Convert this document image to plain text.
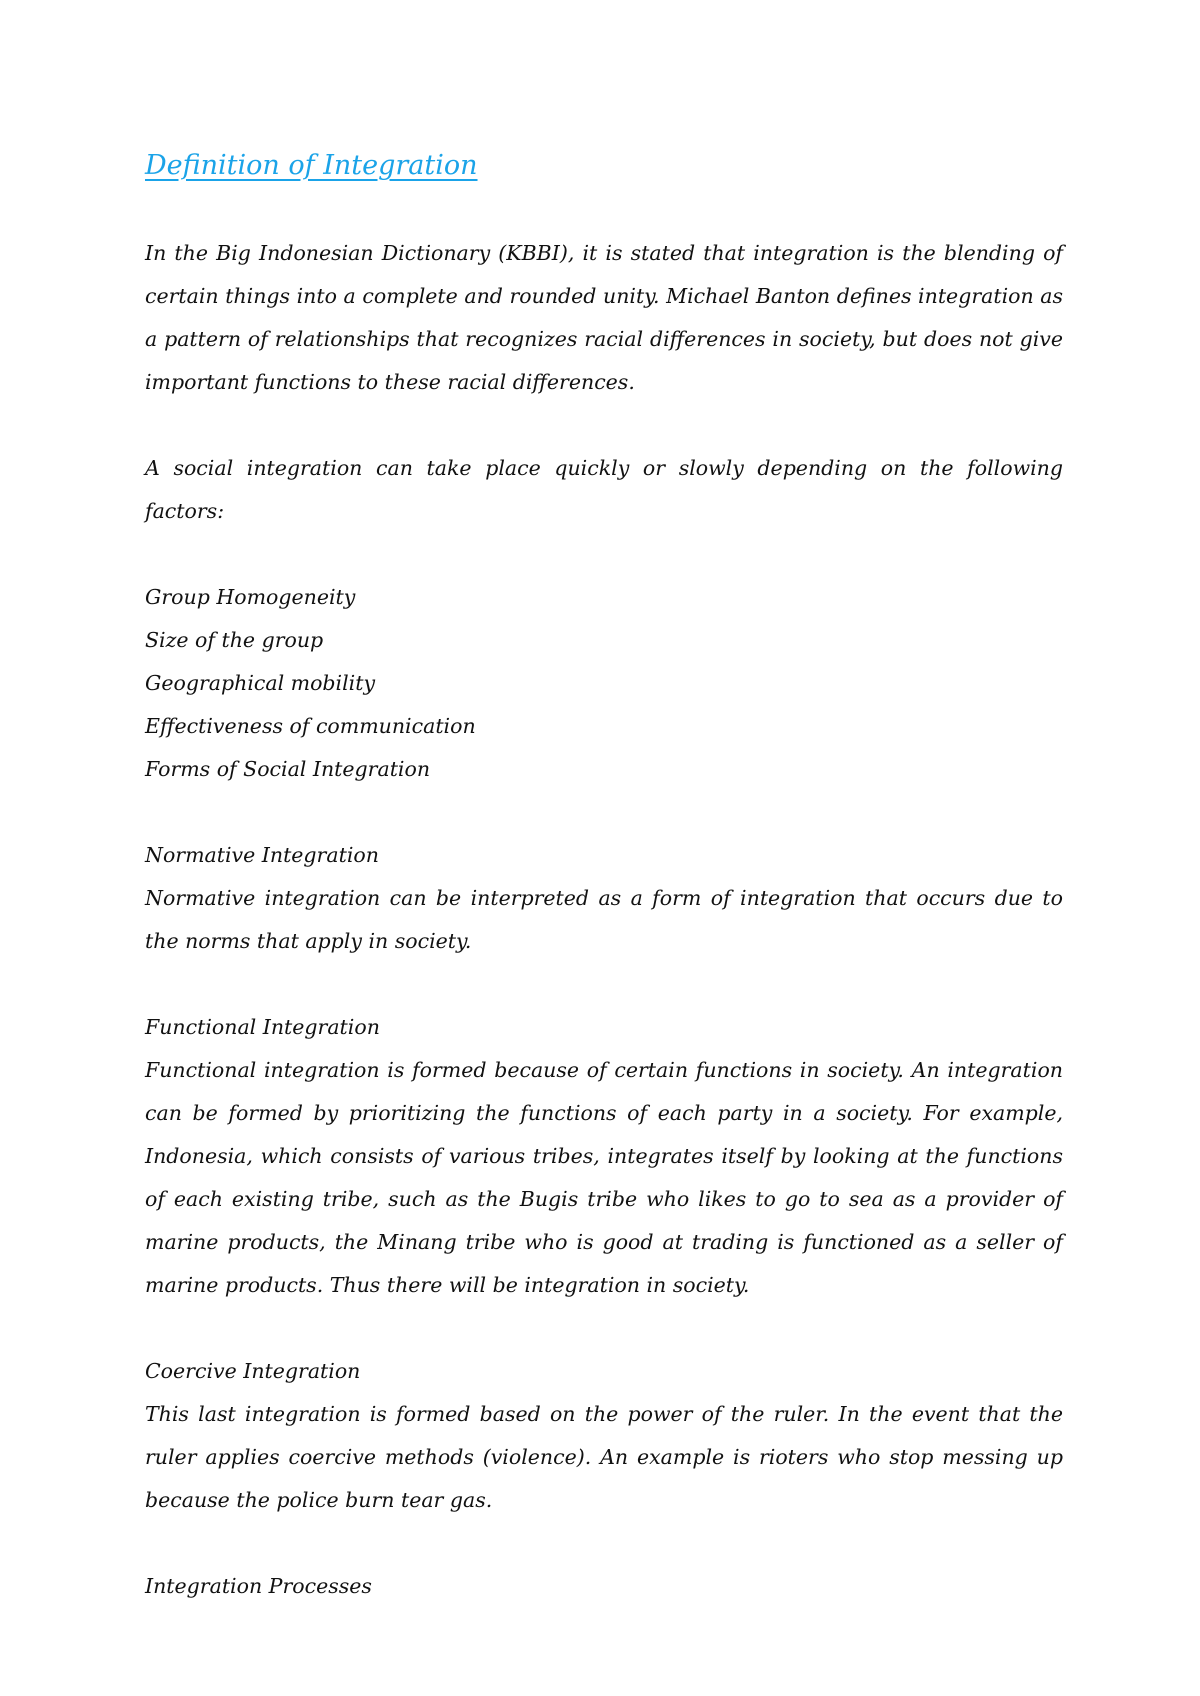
Definition of Integration

In the Big Indonesian Dictionary (KBBI), it is stated that integration is the blending of certain things into a complete and rounded unity. Michael Banton defines integration as a pattern of relationships that recognizes racial differences in society, but does not give important functions to these racial differences.

A social integration can take place quickly or slowly depending on the following factors:

Group Homogeneity
Size of the group
Geographical mobility
Effectiveness of communication
Forms of Social Integration

Normative Integration

Normative integration can be interpreted as a form of integration that occurs due to the norms that apply in society.

Functional Integration

Functional integration is formed because of certain functions in society. An integration can be formed by prioritizing the functions of each party in a society. For example, Indonesia, which consists of various tribes, integrates itself by looking at the functions of each existing tribe, such as the Bugis tribe who likes to go to sea as a provider of marine products, the Minang tribe who is good at trading is functioned as a seller of marine products. Thus there will be integration in society.

Coercive Integration

This last integration is formed based on the power of the ruler. In the event that the ruler applies coercive methods (violence). An example is rioters who stop messing up because the police burn tear gas.

Integration Processes
